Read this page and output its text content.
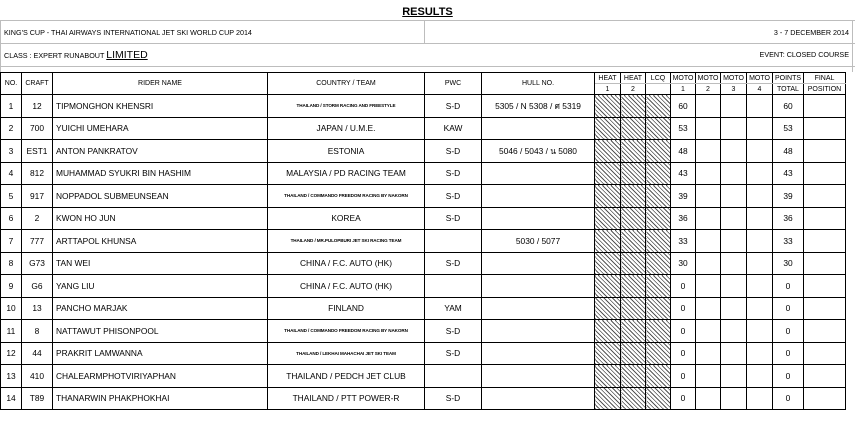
RESULTS
KING'S CUP - THAI AIRWAYS INTERNATIONAL JET SKI WORLD CUP 2014	3 - 7 DECEMBER 2014
CLASS : EXPERT RUNABOUT LIMITED	EVENT: CLOSED COURSE
NO.	CRAFT	RIDER NAME	COUNTRY / TEAM	PWC	HULL NO.	HEAT	HEAT	LCQ	MOTO	MOTO	MOTO	MOTO	POINTS	FINAL
						1	2		1	2	3	4	TOTAL	POSITION
1	12	TIPMONGHON KHENSRI	THAILAND / STORM RACING AND FREESTYLE	S-D	5305 / N 5308 / ศ 5319				60				60	
2	700	YUICHI UMEHARA	JAPAN / U.M.E.	KAW					53				53	
3	EST1	ANTON PANKRATOV	ESTONIA	S-D	5046 / 5043 / น 5080				48				48	
4	812	MUHAMMAD SYUKRI BIN HASHIM	MALAYSIA / PD RACING TEAM	S-D					43				43	
5	917	NOPPADOL SUBMEUNSEAN	THAILAND / COMMANDO FREEDOM RACING BY NAKORN	S-D					39				39	
6	2	KWON HO JUN	KOREA	S-D					36				36	
7	777	ARTTAPOL KHUNSA	THAILAND / MR.PULOPBURI JET SKI RACING TEAM		5030 / 5077				33				33	
8	G73	TAN WEI	CHINA / F.C. AUTO (HK)	S-D					30				30	
9	G6	YANG LIU	CHINA / F.C. AUTO (HK)						0				0	
10	13	PANCHO MARJAK	FINLAND	YAM					0				0	
11	8	NATTAWUT PHISONPOOL	THAILAND / COMMANDO FREEDOM RACING BY NAKORN	S-D					0				0	
12	44	PRAKRIT LAMWANNA	THAILAND / LEKHAI MAHACHAI JET SKI TEAM	S-D					0				0	
13	410	CHALEARMPHOTVIRIYAPHAN	THAILAND / PEDCH JET CLUB						0				0	
14	T89	THANARWIN PHAKPHOKHAI	THAILAND / PTT POWER-R	S-D					0				0	
